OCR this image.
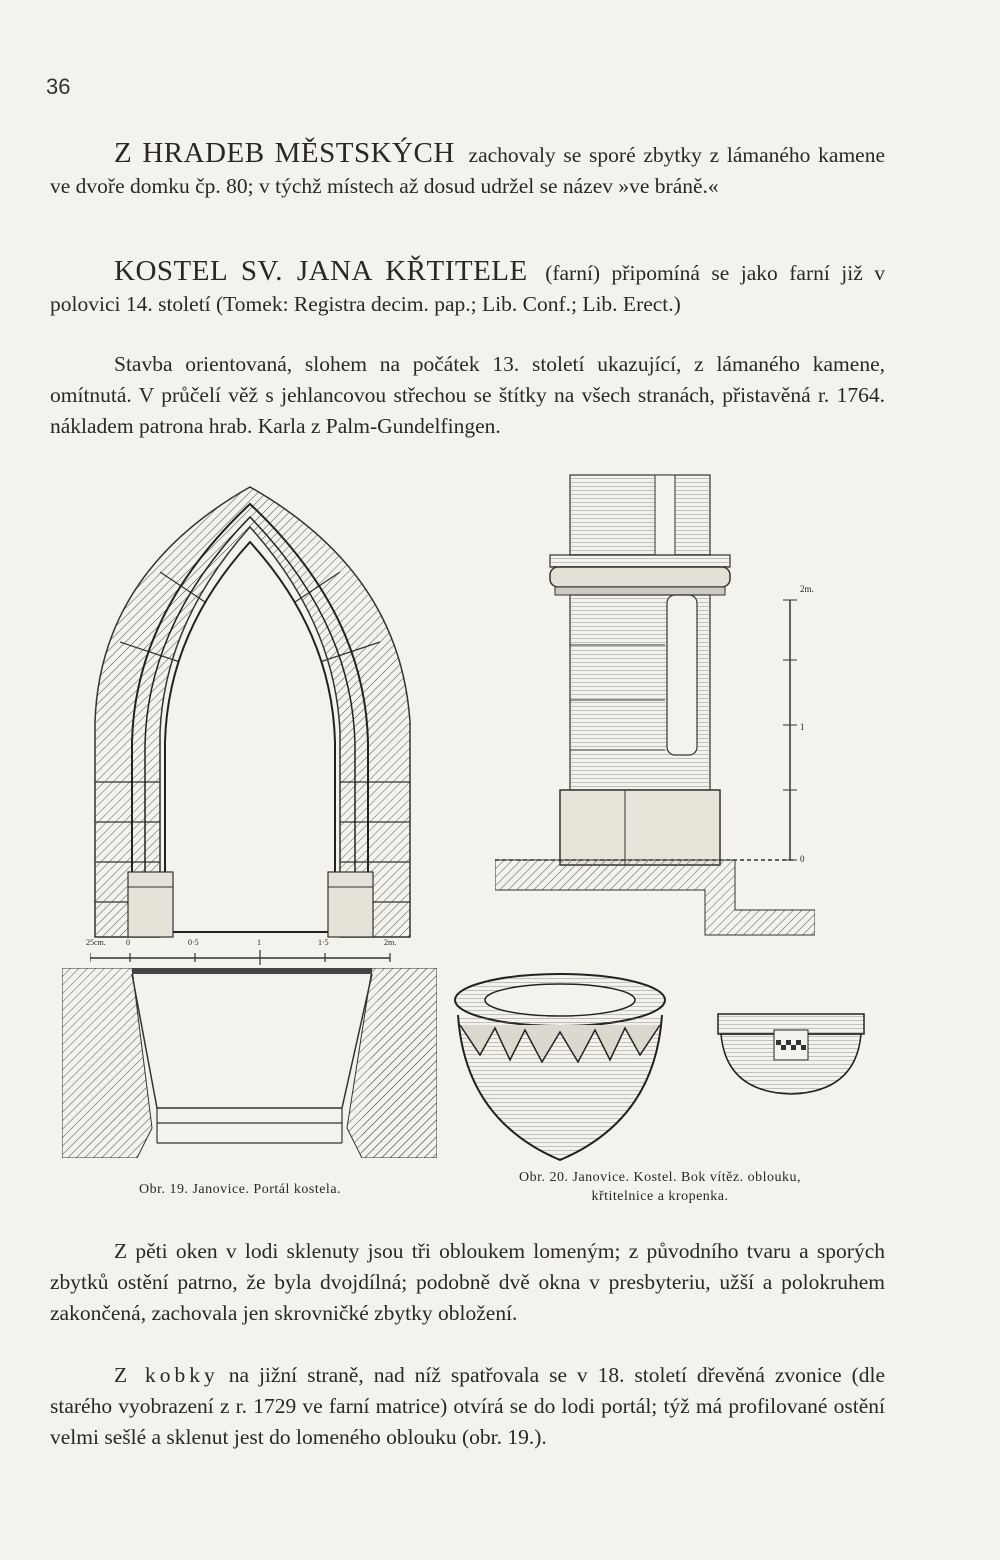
36
Z HRADEB MĚSTSKÝCH zachovaly se sporé zbytky z lámaného kamene ve dvoře domku čp. 80; v týchž místech až dosud udržel se název »ve bráně.«
KOSTEL SV. JANA KŘTITELE (farní) připomíná se jako farní již v polovici 14. století (Tomek: Registra decim. pap.; Lib. Conf.; Lib. Erect.)
Stavba orientovaná, slohem na počátek 13. století ukazující, z lámaného kamene, omítnutá. V průčelí věž s jehlancovou střechou se štítky na všech stranách, přistavěná r. 1764. nákladem patrona hrab. Karla z Palm-Gundelfingen.
25cm.	0	0·5	1	1·5	2m.
2m.
1
0
Obr. 19. Janovice. Portál kostela.
Obr. 20. Janovice. Kostel. Bok vítěz. oblouku,
křtitelnice a kropenka.
Z pěti oken v lodi sklenuty jsou tři obloukem lomeným; z původního tvaru a sporých zbytků ostění patrno, že byla dvojdílná; podobně dvě okna v presbyteriu, užší a polokruhem zakončená, zachovala jen skrovničké zbytky obložení.
Z kobky na jižní straně, nad níž spatřovala se v 18. století dřevěná zvonice (dle starého vyobrazení z r. 1729 ve farní matrice) otvírá se do lodi portál; týž má profilované ostění velmi sešlé a sklenut jest do lomeného oblouku (obr. 19.).
